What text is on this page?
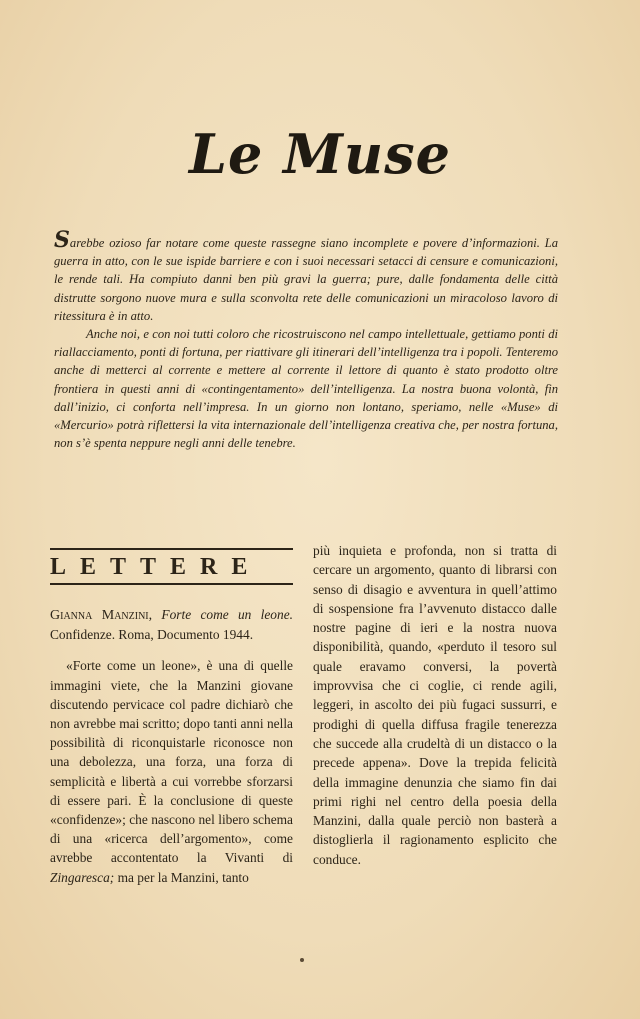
Le Muse

Sarebbe ozioso far notare come queste rassegne siano incomplete e povere d’informazioni. La guerra in atto, con le sue ispide barriere e con i suoi necessari setacci di censure e comunicazioni, le rende tali. Ha compiuto danni ben più gravi la guerra; pure, dalle fondamenta delle città distrutte sorgono nuove mura e sulla sconvolta rete delle comunicazioni un miracoloso lavoro di ritessitura è in atto.

Anche noi, e con noi tutti coloro che ricostruiscono nel campo intellettuale, gettiamo ponti di riallacciamento, ponti di fortuna, per riattivare gli itinerari dell’intelligenza tra i popoli. Tenteremo anche di metterci al corrente e mettere al corrente il lettore di quanto è stato prodotto oltre frontiera in questi anni di «contingentamento» dell’intelligenza. La nostra buona volontà, fin dall’inizio, ci conforta nell’impresa. In un giorno non lontano, speriamo, nelle «Muse» di «Mercurio» potrà riflettersi la vita internazionale dell’intelligenza creativa che, per nostra fortuna, non s’è spenta neppure negli anni delle tenebre.

LETTERE

Gianna Manzini, Forte come un leone. Confidenze. Roma, Documento 1944.

«Forte come un leone», è una di quelle immagini viete, che la Manzini giovane discutendo pervicace col padre dichiarò che non avrebbe mai scritto; dopo tanti anni nella possibilità di riconquistarle riconosce non una debolezza, una forza, una forza di semplicità e libertà a cui vorrebbe sforzarsi di essere pari. È la conclusione di queste «confidenze»; che nascono nel libero schema di una «ricerca dell’argomento», come avrebbe accontentato la Vivanti di Zingaresca; ma per la Manzini, tanto

più inquieta e profonda, non si tratta di cercare un argomento, quanto di librarsi con senso di disagio e avventura in quell’attimo di sospensione fra l’avvenuto distacco dalle nostre pagine di ieri e la nostra nuova disponibilità, quando, «perduto il tesoro sul quale eravamo conversi, la povertà improvvisa che ci coglie, ci rende agili, leggeri, in ascolto dei più fugaci sussurri, e prodighi di quella diffusa fragile tenerezza che succede alla crudeltà di un distacco o la precede appena». Dove la trepida felicità della immagine denunzia che siamo fin dai primi righi nel centro della poesia della Manzini, dalla quale perciò non basterà a distoglierla il ragionamento esplicito che conduce.
